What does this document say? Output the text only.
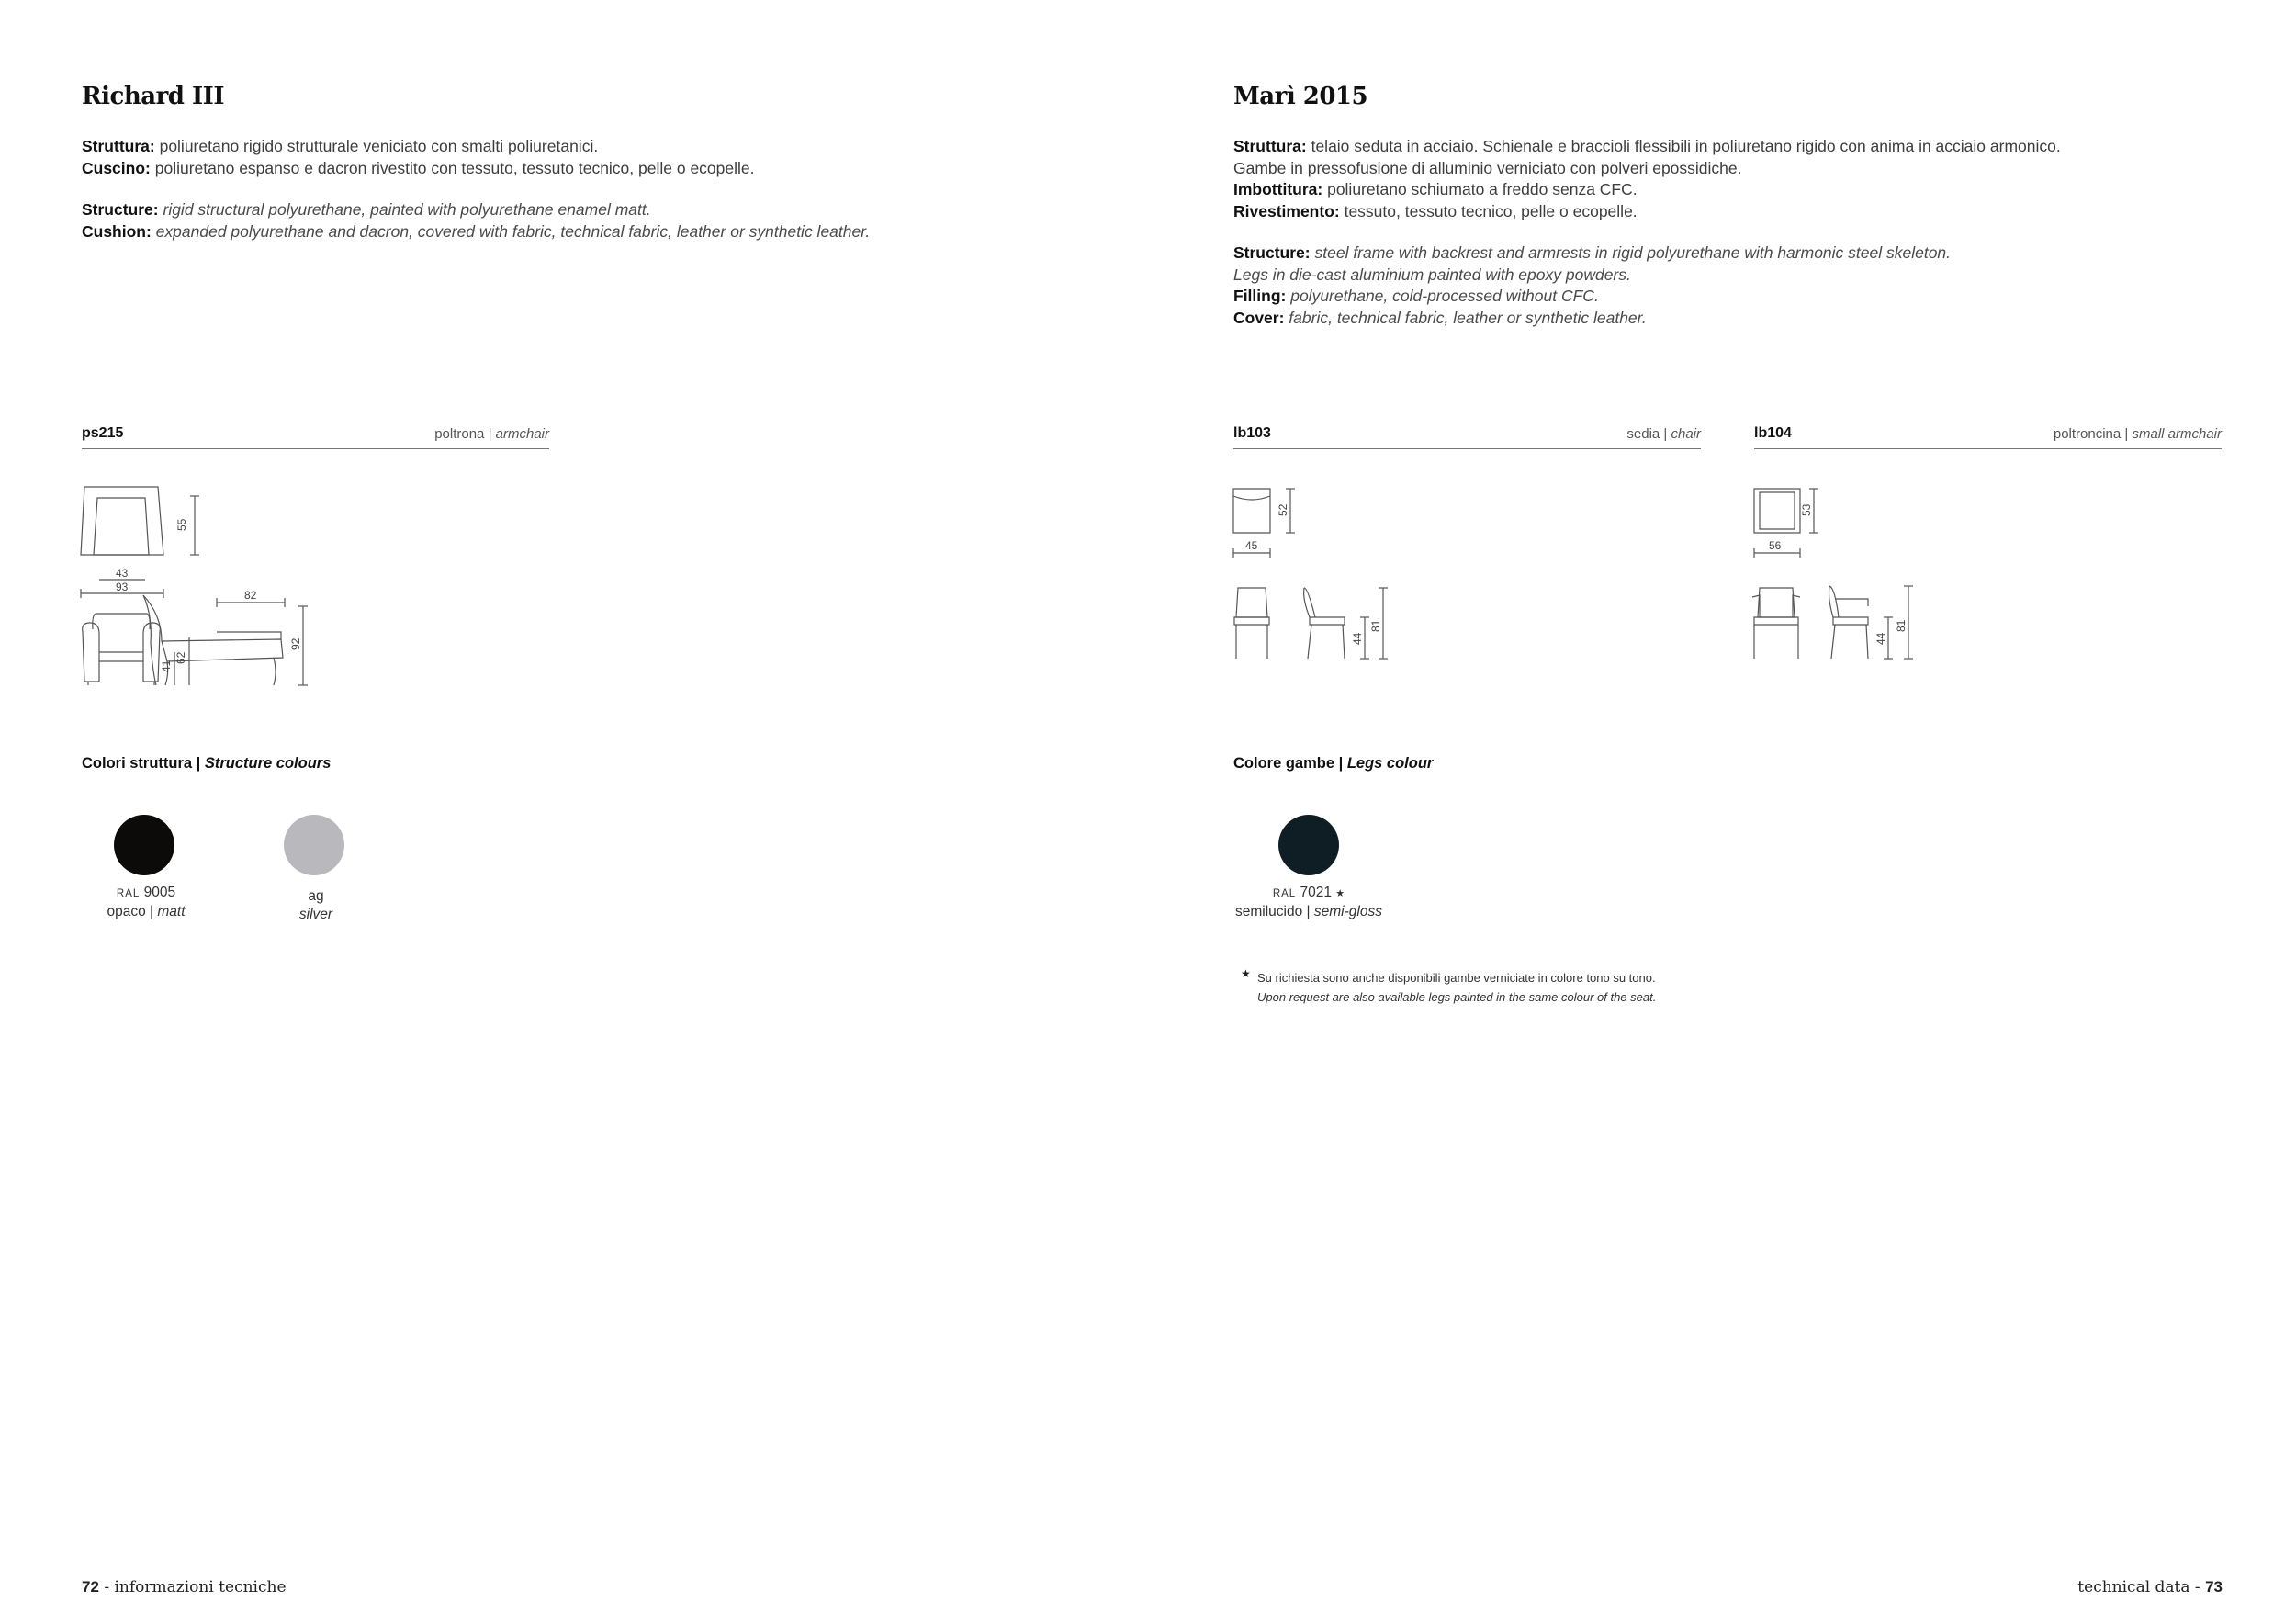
Richard III
Struttura: poliuretano rigido strutturale veniciato con smalti poliuretanici.
Cuscino: poliuretano espanso e dacron rivestito con tessuto, tessuto tecnico, pelle o ecopelle.
Structure: rigid structural polyurethane, painted with polyurethane enamel matt.
Cushion: expanded polyurethane and dacron, covered with fabric, technical fabric, leather or synthetic leather.
ps215	poltrona | armchair
55
43
93
82
41
62
92
Colori struttura | Structure colours
RAL 9005
opaco | matt
ag
silver
Marì 2015
Struttura: telaio seduta in acciaio. Schienale e braccioli flessibili in poliuretano rigido con anima in acciaio armonico.
Gambe in pressofusione di alluminio verniciato con polveri epossidiche.
Imbottitura: poliuretano schiumato a freddo senza CFC.
Rivestimento: tessuto, tessuto tecnico, pelle o ecopelle.
Structure: steel frame with backrest and armrests in rigid polyurethane with harmonic steel skeleton.
Legs in die-cast aluminium painted with epoxy powders.
Filling: polyurethane, cold-processed without CFC.
Cover: fabric, technical fabric, leather or synthetic leather.
lb103	sedia | chair	lb104	poltroncina | small armchair
52
45
44
81
53
56
44
81
Colore gambe | Legs colour
RAL 7021 ★
semilucido | semi-gloss
★ Su richiesta sono anche disponibili gambe verniciate in colore tono su tono.
Upon request are also available legs painted in the same colour of the seat.
72 - informazioni tecniche	technical data - 73
